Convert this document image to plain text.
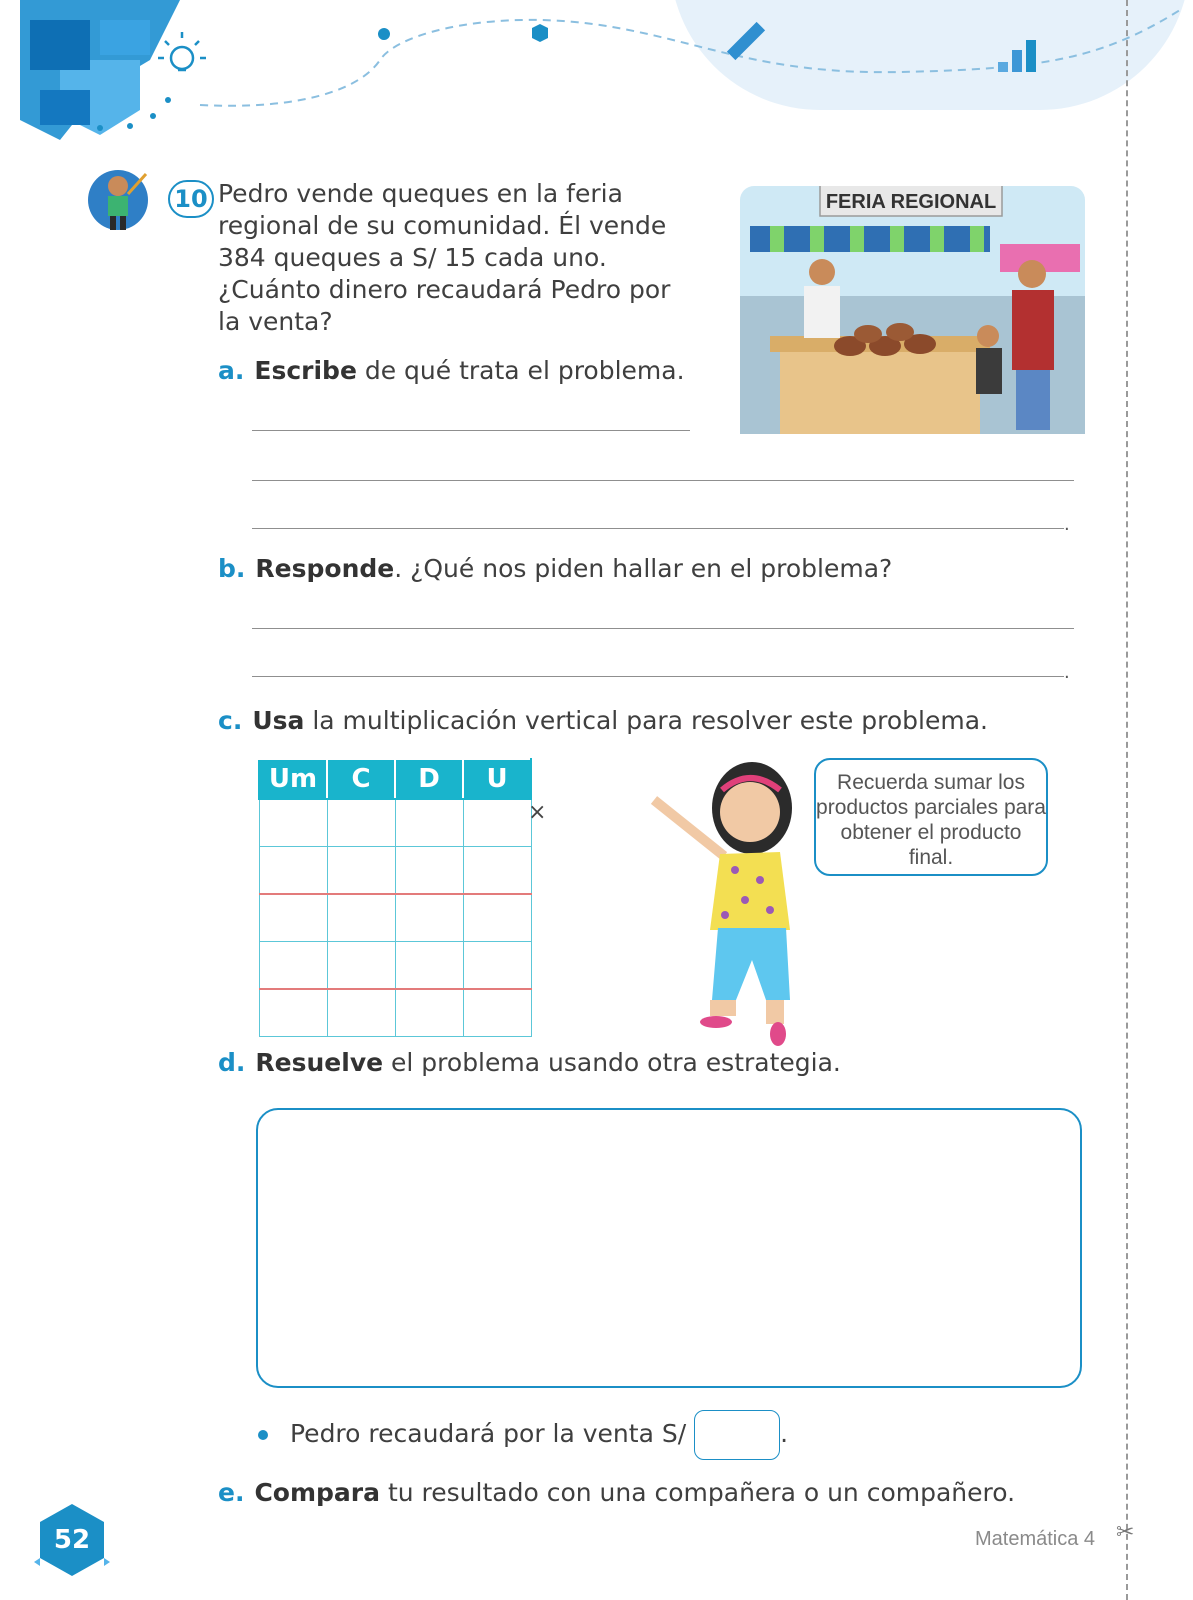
✂
10 Pedro vende queques en la feria regional de su comunidad. Él vende 384 queques a S/ 15 cada uno. ¿Cuánto dinero recaudará Pedro por la venta?
FERIA REGIONAL
a. Escribe de qué trata el problema.
.
b. Responde. ¿Qué nos piden hallar en el problema?
.
c. Usa la multiplicación vertical para resolver este problema.
Um	C	D	U

×
Recuerda sumar los productos parciales para obtener el producto final.
d. Resuelve el problema usando otra estrategia.
Pedro recaudará por la venta S/	.
e. Compara tu resultado con una compañera o un compañero.
52	Matemática 4
